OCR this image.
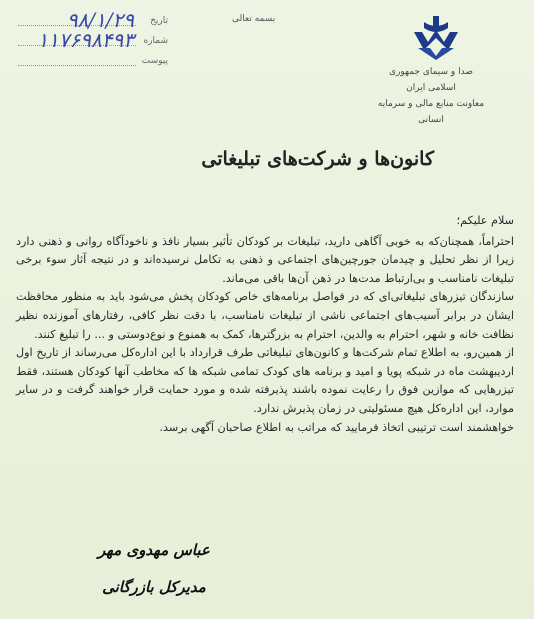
صدا و سیمای جمهوری اسلامی ایران
معاونت منابع مالی و سرمایه انسانی
بسمه تعالی
تاریخ
۹۸/۱/۲۹
شماره
۱۱۷۶۹۸۴۹۳
پیوست
کانون‌ها و شرکت‌های تبلیغاتی

سلام علیکم؛

احتراماً، همچنان‌که به خوبی آگاهی دارید، تبلیغات بر کودکان تأثیر بسیار نافذ و ناخودآگاه روانی و ذهنی دارد زیرا از نظر تحلیل و چیدمان جورچین‌های اجتماعی و ذهنی به تکامل نرسیده‌اند و در نتیجه آثار سوء برخی تبلیغات نامناسب و بی‌ارتباط مدت‌ها در ذهن آن‌ها باقی می‌ماند.

سازندگان تیزرهای تبلیغاتی‌ای که در فواصل برنامه‌های خاص کودکان پخش می‌شود باید به منظور محافظت ایشان در برابر آسیب‌های اجتماعی ناشی از تبلیغات نامناسب، با دقت نظر کافی، رفتارهای آموزنده نظیر نظافت خانه و شهر، احترام به والدین، احترام به بزرگترها، کمک به همنوع و نوع‌دوستی و ... را تبلیغ کنند.

از همین‌رو، به اطلاع تمام شرکت‌ها و کانون‌های تبلیغاتی طرف قرارداد با این اداره‌کل می‌رساند از تاریخ اول اردیبهشت ماه در شبکه پویا و امید و برنامه های کودک تمامی شبکه ها که مخاطب آنها کودکان هستند، فقط تیزرهایی که موازین فوق را رعایت نموده باشند پذیرفته شده و مورد حمایت قرار خواهند گرفت و در سایر موارد، این اداره‌کل هیچ مسئولیتی در زمان پذیرش ندارد.

خواهشمند است ترتیبی اتخاذ فرمایید که مراتب به اطلاع صاحبان آگهی برسد.

عباس مهدوی مهر
مدیرکل بازرگانی
